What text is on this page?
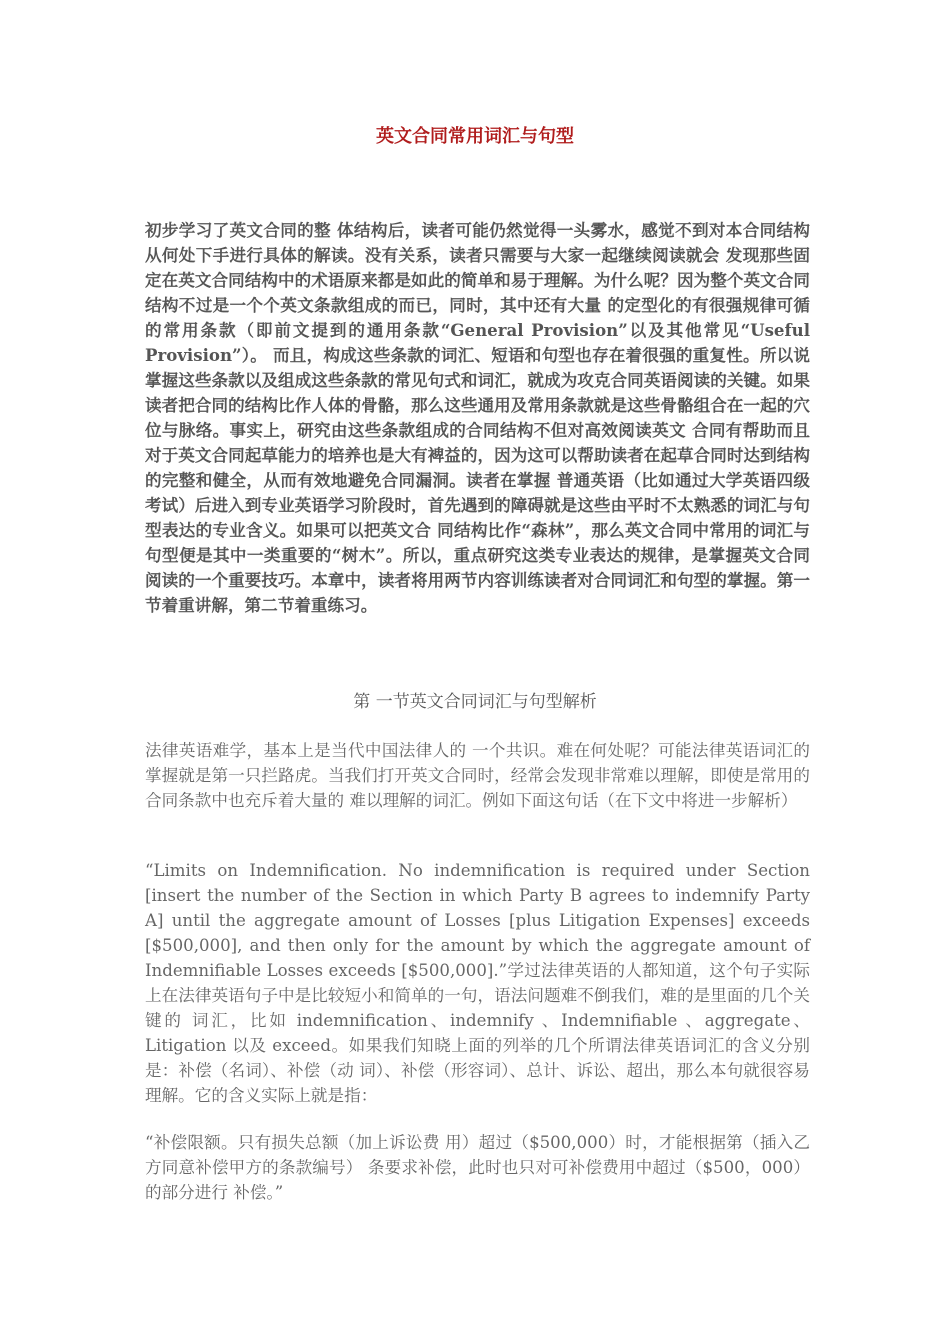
英文合同常用词汇与句型

初步学习了英文合同的整 体结构后，读者可能仍然觉得一头雾水，感觉不到对本合同结构从何处下手进行具体的解读。没有关系，读者只需要与大家一起继续阅读就会 发现那些固定在英文合同结构中的术语原来都是如此的简单和易于理解。为什么呢？因为整个英文合同结构不过是一个个英文条款组成的而已，同时，其中还有大量 的定型化的有很强规律可循的常用条款（即前文提到的通用条款“General Provision”以及其他常见“Useful Provision”）。 而且，构成这些条款的词汇、短语和句型也存在着很强的重复性。所以说掌握这些条款以及组成这些条款的常见句式和词汇，就成为攻克合同英语阅读的关键。如果 读者把合同的结构比作人体的骨骼，那么这些通用及常用条款就是这些骨骼组合在一起的穴位与脉络。事实上，研究由这些条款组成的合同结构不但对高效阅读英文 合同有帮助而且对于英文合同起草能力的培养也是大有裨益的，因为这可以帮助读者在起草合同时达到结构的完整和健全，从而有效地避免合同漏洞。读者在掌握 普通英语（比如通过大学英语四级考试）后进入到专业英语学习阶段时，首先遇到的障碍就是这些由平时不太熟悉的词汇与句型表达的专业含义。如果可以把英文合 同结构比作“森林”，那么英文合同中常用的词汇与句型便是其中一类重要的“树木”。所以，重点研究这类专业表达的规律，是掌握英文合同阅读的一个重要技巧。本章中，读者将用两节内容训练读者对合同词汇和句型的掌握。第一节着重讲解，第二节着重练习。

第 一节英文合同词汇与句型解析

法律英语难学，基本上是当代中国法律人的 一个共识。难在何处呢？可能法律英语词汇的掌握就是第一只拦路虎。当我们打开英文合同时，经常会发现非常难以理解，即使是常用的合同条款中也充斥着大量的 难以理解的词汇。例如下面这句话（在下文中将进一步解析）

“Limits on Indemnification. No indemnification is required under Section [insert the number of the Section in which Party B agrees to indemnify Party A] until the aggregate amount of Losses [plus Litigation Expenses] exceeds [$500,000], and then only for the amount by which the aggregate amount of Indemnifiable Losses exceeds [$500,000].”学过法律英语的人都知道，这个句子实际上在法律英语句子中是比较短小和简单的一句，语法问题难不倒我们，难的是里面的几个关键的 词汇，比如 indemnification、indemnify 、Indemnifiable 、aggregate、Litigation 以及 exceed。如果我们知晓上面的列举的几个所谓法律英语词汇的含义分别是：补偿（名词）、补偿（动 词）、补偿（形容词）、总计、诉讼、超出，那么本句就很容易理解。它的含义实际上就是指：

“补偿限额。只有损失总额（加上诉讼费 用）超过（$500,000）时，才能根据第（插入乙方同意补偿甲方的条款编号） 条要求补偿，此时也只对可补偿费用中超过（$500，000）的部分进行 补偿。”
